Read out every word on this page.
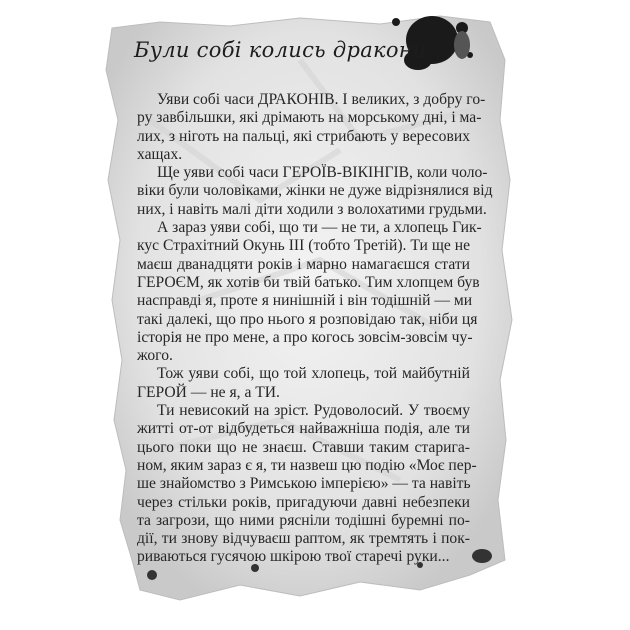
Були собі колись дракони
Уяви собі часи ДРАКОНІВ. І великих, з добру го-
ру завбільшки, які дрімають на морському дні, і ма-
лих, з ніготь на пальці, які стрибають у вересових
хащах.
Ще уяви собі часи ГЕРОЇВ-ВІКІНГІВ, коли чоло-
віки були чоловіками, жінки не дуже відрізнялися від
них, і навіть малі діти ходили з волохатими грудьми.
А зараз уяви собі, що ти — не ти, а хлопець Гик-
кус Страхітний Окунь III (тобто Третій). Ти ще не
маєш дванадцяти років і марно намагаєшся стати
ГЕРОЄМ, як хотів би твій батько. Тим хлопцем був
насправді я, проте я нинішній і він тодішній — ми
такі далекі, що про нього я розповідаю так, ніби ця
історія не про мене, а про когось зовсім-зовсім чу-
жого.
Тож уяви собі, що той хлопець, той майбутній
ГЕРОЙ — не я, а ТИ.
Ти невисокий на зріст. Рудоволосий. У твоєму
житті от-от відбудеться найважніша подія, але ти
цього поки що не знаєш. Ставши таким старига-
ном, яким зараз є я, ти назвеш цю подію «Моє пер-
ше знайомство з Римською імперією» — та навіть
через стільки років, пригадуючи давні небезпеки
та загрози, що ними рясніли тодішні буремні по-
дії, ти знову відчуваєш раптом, як тремтять і пок-
риваються гусячою шкірою твої старечі руки...
